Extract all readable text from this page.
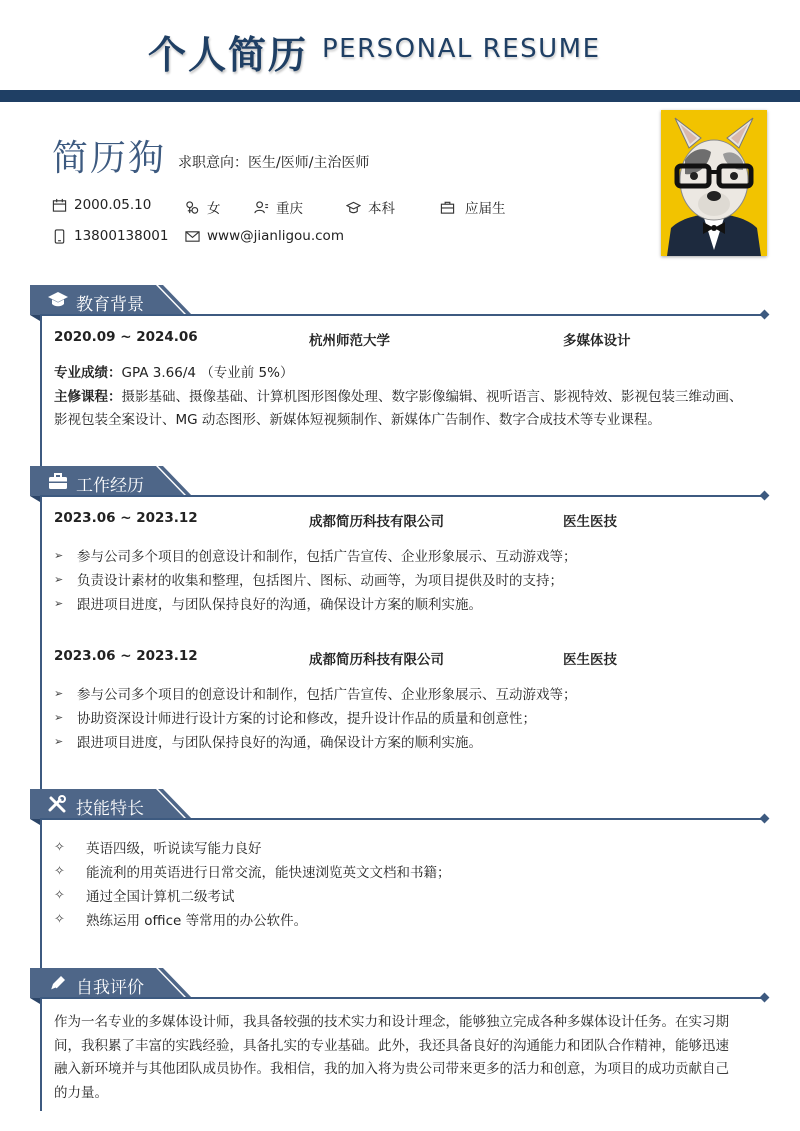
个人简历 PERSONAL RESUME
简历狗 求职意向：医生/医师/主治医师
2000.05.10	女	重庆	本科	应届生
13800138001	www@jianligou.com
教育背景
2020.09 ~ 2024.06	杭州师范大学	多媒体设计
专业成绩：GPA 3.66/4 （专业前 5%）
主修课程：摄影基础、摄像基础、计算机图形图像处理、数字影像编辑、视听语言、影视特效、影视包装三维动画、影视包装全案设计、MG 动态图形、新媒体短视频制作、新媒体广告制作、数字合成技术等专业课程。
工作经历
2023.06 ~ 2023.12	成都简历科技有限公司	医生医技
➢	参与公司多个项目的创意设计和制作，包括广告宣传、企业形象展示、互动游戏等；
➢	负责设计素材的收集和整理，包括图片、图标、动画等，为项目提供及时的支持；
➢	跟进项目进度，与团队保持良好的沟通，确保设计方案的顺利实施。
2023.06 ~ 2023.12	成都简历科技有限公司	医生医技
➢	参与公司多个项目的创意设计和制作，包括广告宣传、企业形象展示、互动游戏等；
➢	协助资深设计师进行设计方案的讨论和修改，提升设计作品的质量和创意性；
➢	跟进项目进度，与团队保持良好的沟通，确保设计方案的顺利实施。
技能特长
✧	英语四级，听说读写能力良好
✧	能流利的用英语进行日常交流，能快速浏览英文文档和书籍；
✧	通过全国计算机二级考试
✧	熟练运用 office 等常用的办公软件。
自我评价
作为一名专业的多媒体设计师，我具备较强的技术实力和设计理念，能够独立完成各种多媒体设计任务。在实习期间，我积累了丰富的实践经验，具备扎实的专业基础。此外，我还具备良好的沟通能力和团队合作精神，能够迅速融入新环境并与其他团队成员协作。我相信，我的加入将为贵公司带来更多的活力和创意，为项目的成功贡献自己的力量。
